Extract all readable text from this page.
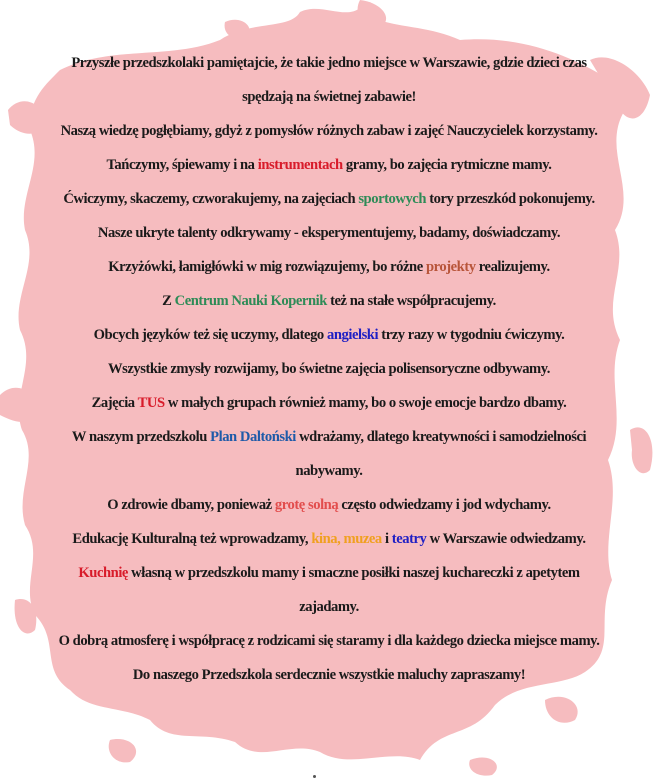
Przyszłe przedszkolaki pamiętajcie, że takie jedno miejsce w Warszawie, gdzie dzieci czas

spędzają na świetnej zabawie!

Naszą wiedzę pogłębiamy, gdyż z pomysłów różnych zabaw i zajęć Nauczycielek korzystamy.

Tańczymy, śpiewamy i na instrumentach gramy, bo zajęcia rytmiczne mamy.

Ćwiczymy, skaczemy, czworakujemy, na zajęciach sportowych tory przeszkód pokonujemy.

Nasze ukryte talenty odkrywamy - eksperymentujemy, badamy, doświadczamy.

Krzyżówki, łamigłówki w mig rozwiązujemy, bo różne projekty realizujemy.

Z Centrum Nauki Kopernik też na stałe współpracujemy.

Obcych języków też się uczymy, dlatego angielski trzy razy w tygodniu ćwiczymy.

Wszystkie zmysły rozwijamy, bo świetne zajęcia polisensoryczne odbywamy.

Zajęcia TUS w małych grupach również mamy, bo o swoje emocje bardzo dbamy.

W naszym przedszkolu Plan Daltoński wdrażamy, dlatego kreatywności i samodzielności

nabywamy.

O zdrowie dbamy, ponieważ grotę solną często odwiedzamy i jod wdychamy.

Edukację Kulturalną też wprowadzamy, kina, muzea i teatry w Warszawie odwiedzamy.

Kuchnię własną w przedszkolu mamy i smaczne posiłki naszej kuchareczki z apetytem

zajadamy.

O dobrą atmosferę i współpracę z rodzicami się staramy i dla każdego dziecka miejsce mamy.

Do naszego Przedszkola serdecznie wszystkie maluchy zapraszamy!
